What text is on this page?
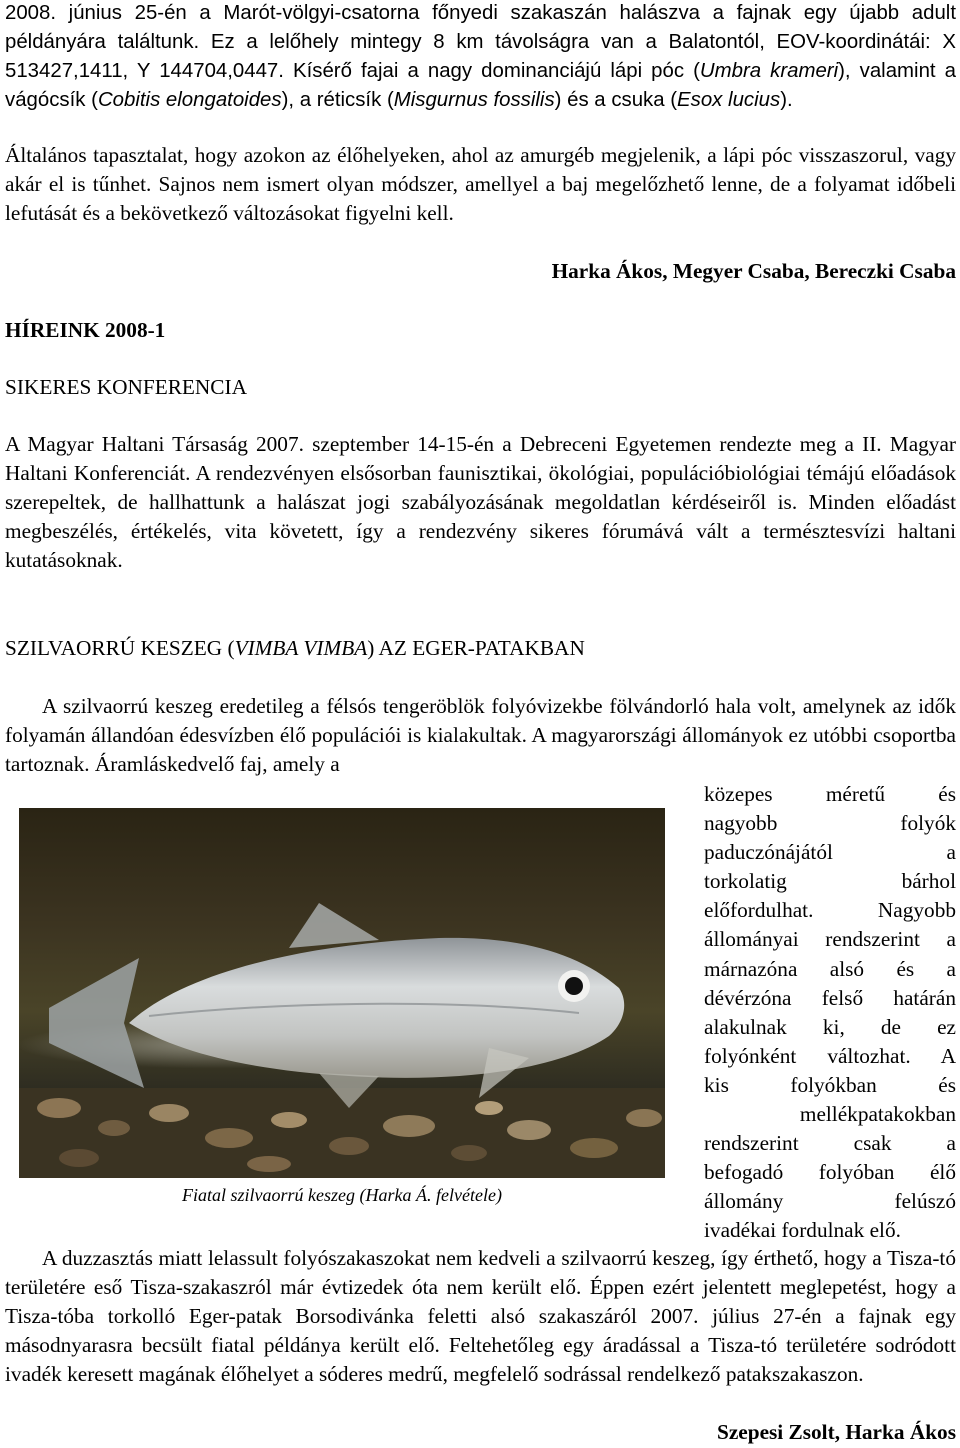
2008. június 25-én a Marót-völgyi-csatorna főnyedi szakaszán halászva a fajnak egy újabb adult példányára találtunk. Ez a lelőhely mintegy 8 km távolságra van a Balatontól, EOV-koordinátái: X 513427,1411, Y 144704,0447. Kísérő fajai a nagy dominanciájú lápi póc (Umbra krameri), valamint a vágócsík (Cobitis elongatoides), a réticsík (Misgurnus fossilis) és a csuka (Esox lucius).

Általános tapasztalat, hogy azokon az élőhelyeken, ahol az amurgéb megjelenik, a lápi póc visszaszorul, vagy akár el is tűnhet. Sajnos nem ismert olyan módszer, amellyel a baj megelőzhető lenne, de a folyamat időbeli lefutását és a bekövetkező változásokat figyelni kell.

Harka Ákos, Megyer Csaba, Bereczki Csaba

HÍREINK 2008-1

SIKERES KONFERENCIA

A Magyar Haltani Társaság 2007. szeptember 14-15-én a Debreceni Egyetemen rendezte meg a II. Magyar Haltani Konferenciát. A rendezvényen elsősorban faunisztikai, ökológiai, populációbiológiai témájú előadások szerepeltek, de hallhattunk a halászat jogi szabályozásának megoldatlan kérdéseiről is. Minden előadást megbeszélés, értékelés, vita követett, így a rendezvény sikeres fórumává vált a természtesvízi haltani kutatásoknak.

SZILVAORRÚ KESZEG (VIMBA VIMBA) AZ EGER-PATAKBAN

A szilvaorrú keszeg eredetileg a félsós tengeröblök folyóvizekbe fölvándorló hala volt, amelynek az idők folyamán állandóan édesvízben élő populációi is kialakultak. A magyarországi állományok ez utóbbi csoportba tartoznak. Áramláskedvelő faj, amely a

közepes méretű és

nagyobb folyók

paduczónájától a

torkolatig bárhol

előfordulhat. Nagyobb

állományai rendszerint a

márnazóna alsó és a

dévérzóna felső határán

alakulnak ki, de ez

folyónként változhat. A

kis folyókban és

mellékpatakokban

rendszerint csak a

befogadó folyóban élő

állomány felúszó

ivadékai fordulnak elő.

Fiatal szilvaorrú keszeg (Harka Á. felvétele)

A duzzasztás miatt lelassult folyószakaszokat nem kedveli a szilvaorrú keszeg, így érthető, hogy a Tisza-tó területére eső Tisza-szakaszról már évtizedek óta nem került elő. Éppen ezért jelentett meglepetést, hogy a Tisza-tóba torkolló Eger-patak Borsodivánka feletti alsó szakaszáról 2007. július 27-én a fajnak egy másodnyarasra becsült fiatal példánya került elő. Feltehetőleg egy áradással a Tisza-tó területére sodródott ivadék keresett magának élőhelyet a sóderes medrű, megfelelő sodrással rendelkező patakszakaszon.

Szepesi Zsolt, Harka Ákos
